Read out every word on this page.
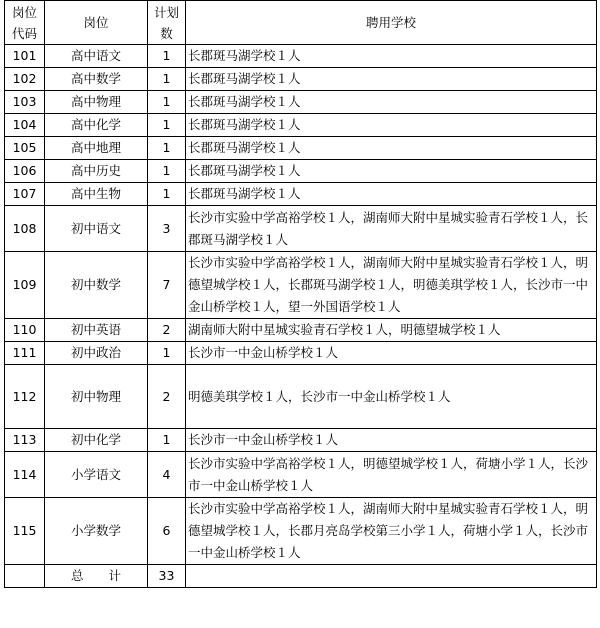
岗位代码	岗位	计划数	聘用学校
101	高中语文	1	长郡斑马湖学校１人
102	高中数学	1	长郡斑马湖学校１人
103	高中物理	1	长郡斑马湖学校１人
104	高中化学	1	长郡斑马湖学校１人
105	高中地理	1	长郡斑马湖学校１人
106	高中历史	1	长郡斑马湖学校１人
107	高中生物	1	长郡斑马湖学校１人
108	初中语文	3	长沙市实验中学高裕学校１人，湖南师大附中星城实验青石学校１人，长郡斑马湖学校１人
109	初中数学	7	长沙市实验中学高裕学校１人，湖南师大附中星城实验青石学校１人，明德望城学校１人，长郡斑马湖学校１人，明德美琪学校１人，长沙市一中金山桥学校１人，望一外国语学校１人
110	初中英语	2	湖南师大附中星城实验青石学校１人，明德望城学校１人
111	初中政治	1	长沙市一中金山桥学校１人
112	初中物理	2	明德美琪学校１人，长沙市一中金山桥学校１人
113	初中化学	1	长沙市一中金山桥学校１人
114	小学语文	4	长沙市实验中学高裕学校１人，明德望城学校１人，荷塘小学１人，长沙市一中金山桥学校１人
115	小学数学	6	长沙市实验中学高裕学校１人，湖南师大附中星城实验青石学校１人，明德望城学校１人，长郡月亮岛学校第三小学１人，荷塘小学１人，长沙市一中金山桥学校１人
	总　　计	33	
